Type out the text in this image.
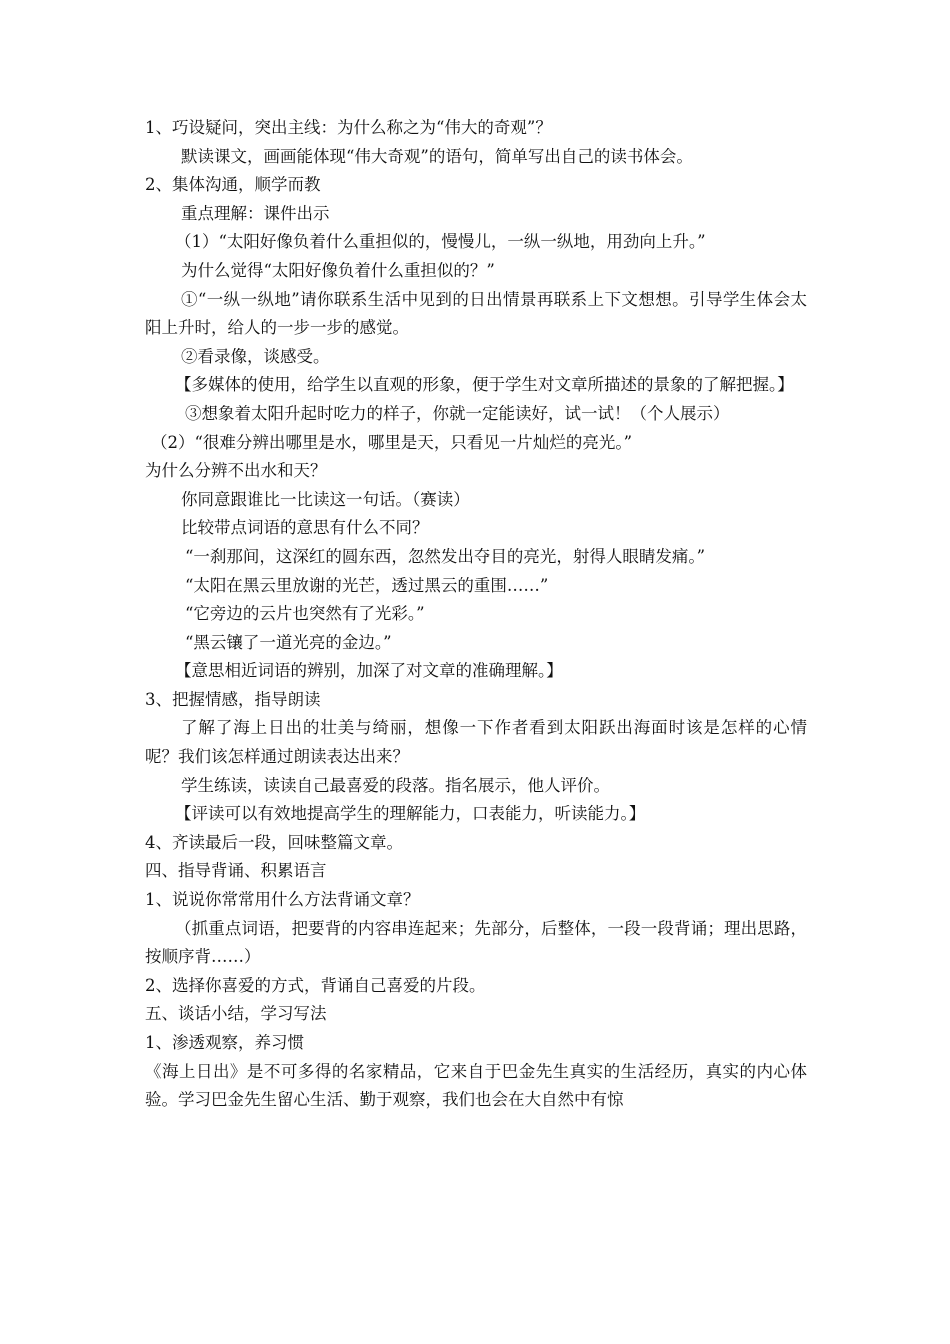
1、巧设疑问，突出主线：为什么称之为“伟大的奇观”？

默读课文，画画能体现“伟大奇观”的语句，简单写出自己的读书体会。

2、集体沟通，顺学而教

重点理解：课件出示

（1）“太阳好像负着什么重担似的，慢慢儿，一纵一纵地，用劲向上升。”

为什么觉得“太阳好像负着什么重担似的？”

①“一纵一纵地”请你联系生活中见到的日出情景再联系上下文想想。引导学生体会太阳上升时，给人的一步一步的感觉。

②看录像，谈感受。

【多媒体的使用，给学生以直观的形象，便于学生对文章所描述的景象的了解把握。】

③想象着太阳升起时吃力的样子，你就一定能读好，试一试！（个人展示）

（2）“很难分辨出哪里是水，哪里是天，只看见一片灿烂的亮光。”

为什么分辨不出水和天？

你同意跟谁比一比读这一句话。（赛读）

比较带点词语的意思有什么不同？

“一刹那间，这深红的圆东西，忽然发出夺目的亮光，射得人眼睛发痛。”

“太阳在黑云里放谢的光芒，透过黑云的重围……”

“它旁边的云片也突然有了光彩。”

“黑云镶了一道光亮的金边。”

【意思相近词语的辨别，加深了对文章的准确理解。】

3、把握情感，指导朗读

了解了海上日出的壮美与绮丽，想像一下作者看到太阳跃出海面时该是怎样的心情呢？我们该怎样通过朗读表达出来？

学生练读，读读自己最喜爱的段落。指名展示，他人评价。

【评读可以有效地提高学生的理解能力，口表能力，听读能力。】

4、齐读最后一段，回味整篇文章。

四、指导背诵、积累语言

1、说说你常常用什么方法背诵文章？

（抓重点词语，把要背的内容串连起来；先部分，后整体，一段一段背诵；理出思路，按顺序背……）

2、选择你喜爱的方式，背诵自己喜爱的片段。

五、谈话小结，学习写法

1、渗透观察，养习惯

《海上日出》是不可多得的名家精品，它来自于巴金先生真实的生活经历，真实的内心体验。学习巴金先生留心生活、勤于观察，我们也会在大自然中有惊
